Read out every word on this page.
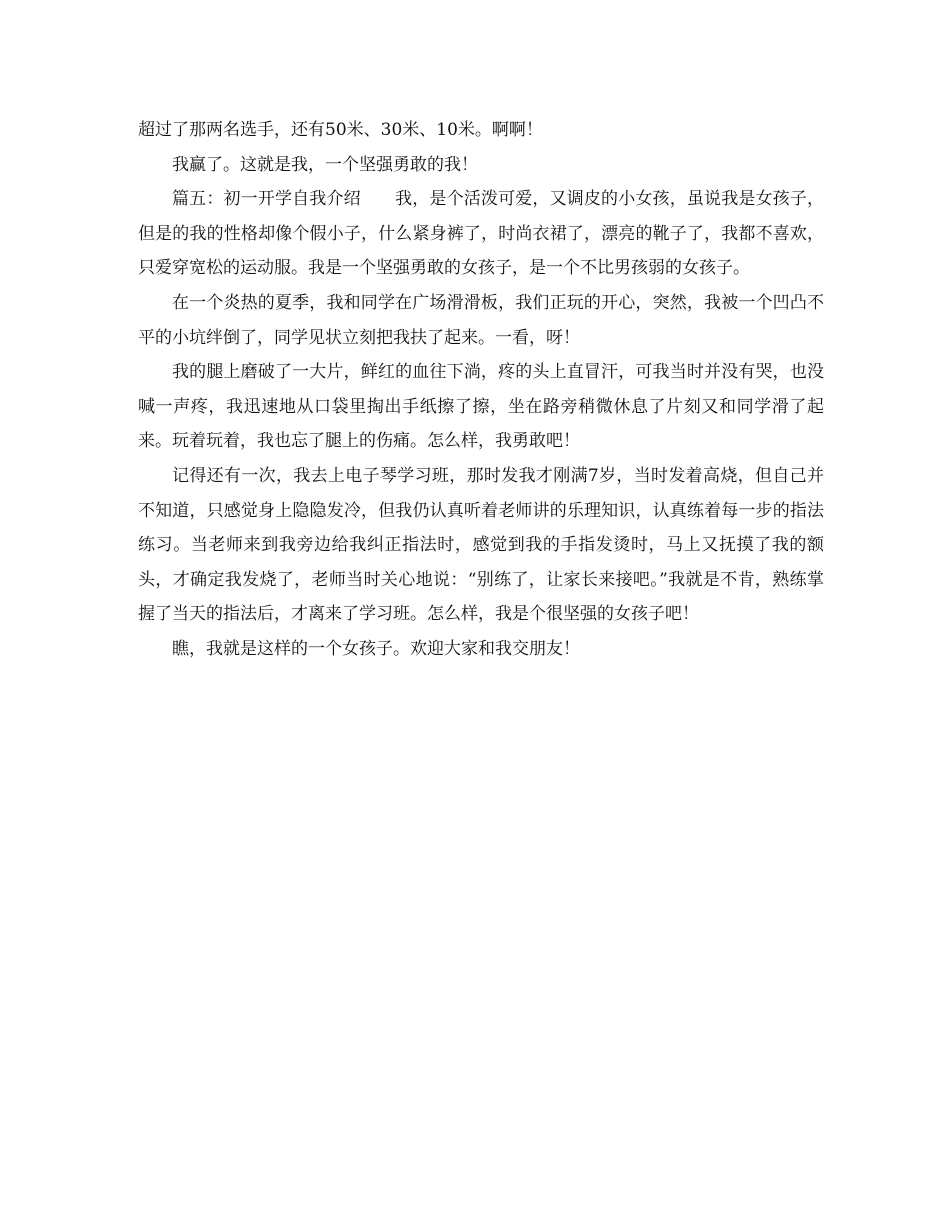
超过了那两名选手，还有50米、30米、10米。啊啊！

我赢了。这就是我，一个坚强勇敢的我！

篇五：初一开学自我介绍　　我，是个活泼可爱，又调皮的小女孩，虽说我是女孩子，但是的我的性格却像个假小子，什么紧身裤了，时尚衣裙了，漂亮的靴子了，我都不喜欢，只爱穿宽松的运动服。我是一个坚强勇敢的女孩子，是一个不比男孩弱的女孩子。

在一个炎热的夏季，我和同学在广场滑滑板，我们正玩的开心，突然，我被一个凹凸不平的小坑绊倒了，同学见状立刻把我扶了起来。一看，呀！

我的腿上磨破了一大片，鲜红的血往下淌，疼的头上直冒汗，可我当时并没有哭，也没喊一声疼，我迅速地从口袋里掏出手纸擦了擦，坐在路旁稍微休息了片刻又和同学滑了起来。玩着玩着，我也忘了腿上的伤痛。怎么样，我勇敢吧！

记得还有一次，我去上电子琴学习班，那时发我才刚满7岁，当时发着高烧，但自己并不知道，只感觉身上隐隐发冷，但我仍认真听着老师讲的乐理知识，认真练着每一步的指法练习。当老师来到我旁边给我纠正指法时，感觉到我的手指发烫时，马上又抚摸了我的额头，才确定我发烧了，老师当时关心地说：“别练了，让家长来接吧。”我就是不肯，熟练掌握了当天的指法后，才离来了学习班。怎么样，我是个很坚强的女孩子吧！

瞧，我就是这样的一个女孩子。欢迎大家和我交朋友！
